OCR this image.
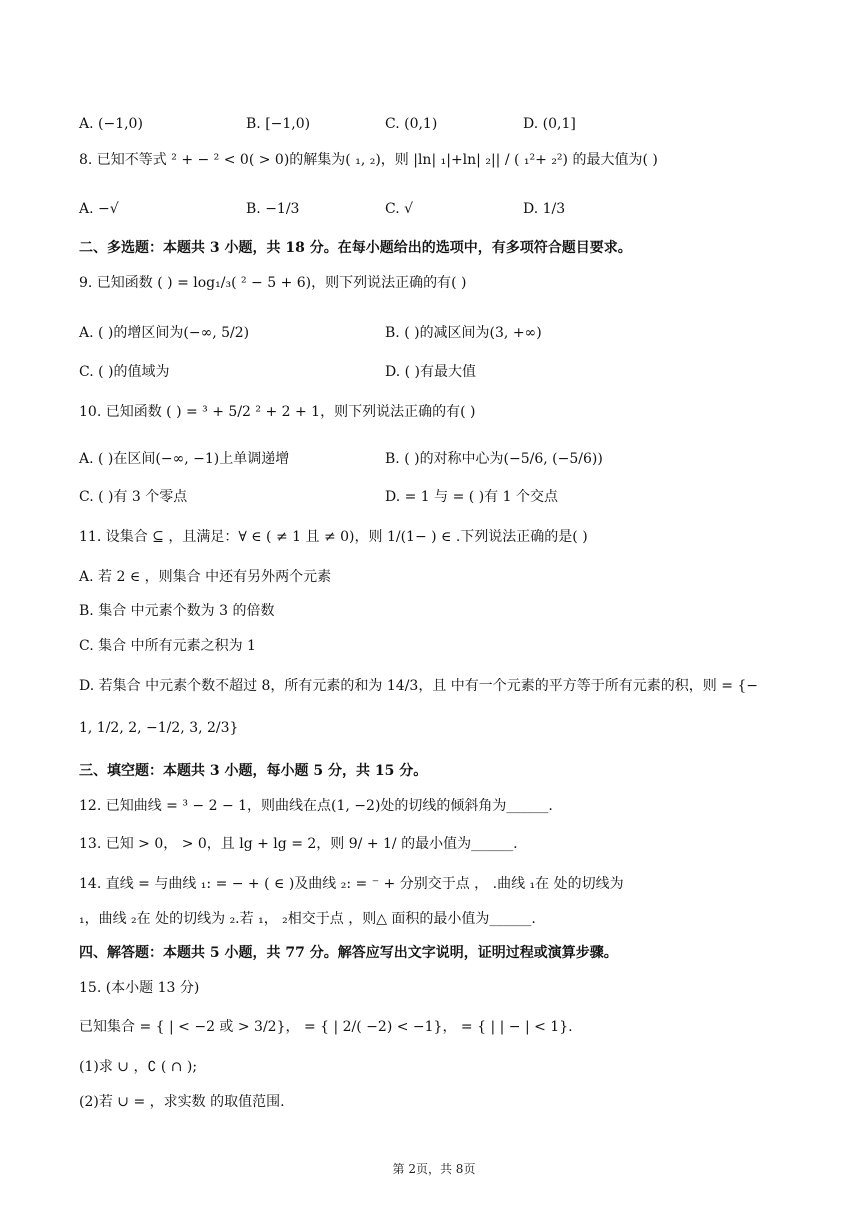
A. (−1,0)	B. [−1,0)	C. (0,1)	D. (0,1]
8. 已知不等式 ² + − ² < 0( > 0)的解集为( ₁, ₂)，则 |ln| ₁|+ln| ₂|| / ( ₁²+ ₂²) 的最大值为( )
A. −√	B. −1/3	C. √	D. 1/3
二、多选题：本题共 3 小题，共 18 分。在每小题给出的选项中，有多项符合题目要求。
9. 已知函数 ( ) = log₁/₃( ² − 5 + 6)，则下列说法正确的有( )
A. ( )的增区间为(−∞, 5/2)	B. ( )的减区间为(3, +∞)
C. ( )的值域为	D. ( )有最大值
10. 已知函数 ( ) = ³ + 5/2 ² + 2 + 1，则下列说法正确的有( )
A. ( )在区间(−∞, −1)上单调递增	B. ( )的对称中心为(−5/6, (−5/6))
C. ( )有 3 个零点	D. = 1 与 = ( )有 1 个交点
11. 设集合 ⊆ ，且满足：∀ ∈ ( ≠ 1 且 ≠ 0)，则 1/(1− ) ∈ .下列说法正确的是( )
A. 若 2 ∈ ，则集合 中还有另外两个元素
B. 集合 中元素个数为 3 的倍数
C. 集合 中所有元素之积为 1
D. 若集合 中元素个数不超过 8，所有元素的和为 14/3，且 中有一个元素的平方等于所有元素的积，则 = {−
1, 1/2, 2, −1/2, 3, 2/3}
三、填空题：本题共 3 小题，每小题 5 分，共 15 分。
12. 已知曲线 = ³ − 2 − 1，则曲线在点(1, −2)处的切线的倾斜角为______.
13. 已知 > 0， > 0，且 lg + lg = 2，则 9/ + 1/ 的最小值为______.
14. 直线 = 与曲线 ₁: = − + ( ∈ )及曲线 ₂: = ⁻ + 分别交于点 ， .曲线 ₁在 处的切线为
₁，曲线 ₂在 处的切线为 ₂.若 ₁， ₂相交于点 ，则△ 面积的最小值为______.
四、解答题：本题共 5 小题，共 77 分。解答应写出文字说明，证明过程或演算步骤。
15. (本小题 13 分)
已知集合 = { | < −2 或 > 3/2}， = { | 2/( −2) < −1}， = { | | − | < 1}.
(1)求 ∪ ，∁ ( ∩ );
(2)若 ∪ = ，求实数 的取值范围.
第 2页，共 8页
